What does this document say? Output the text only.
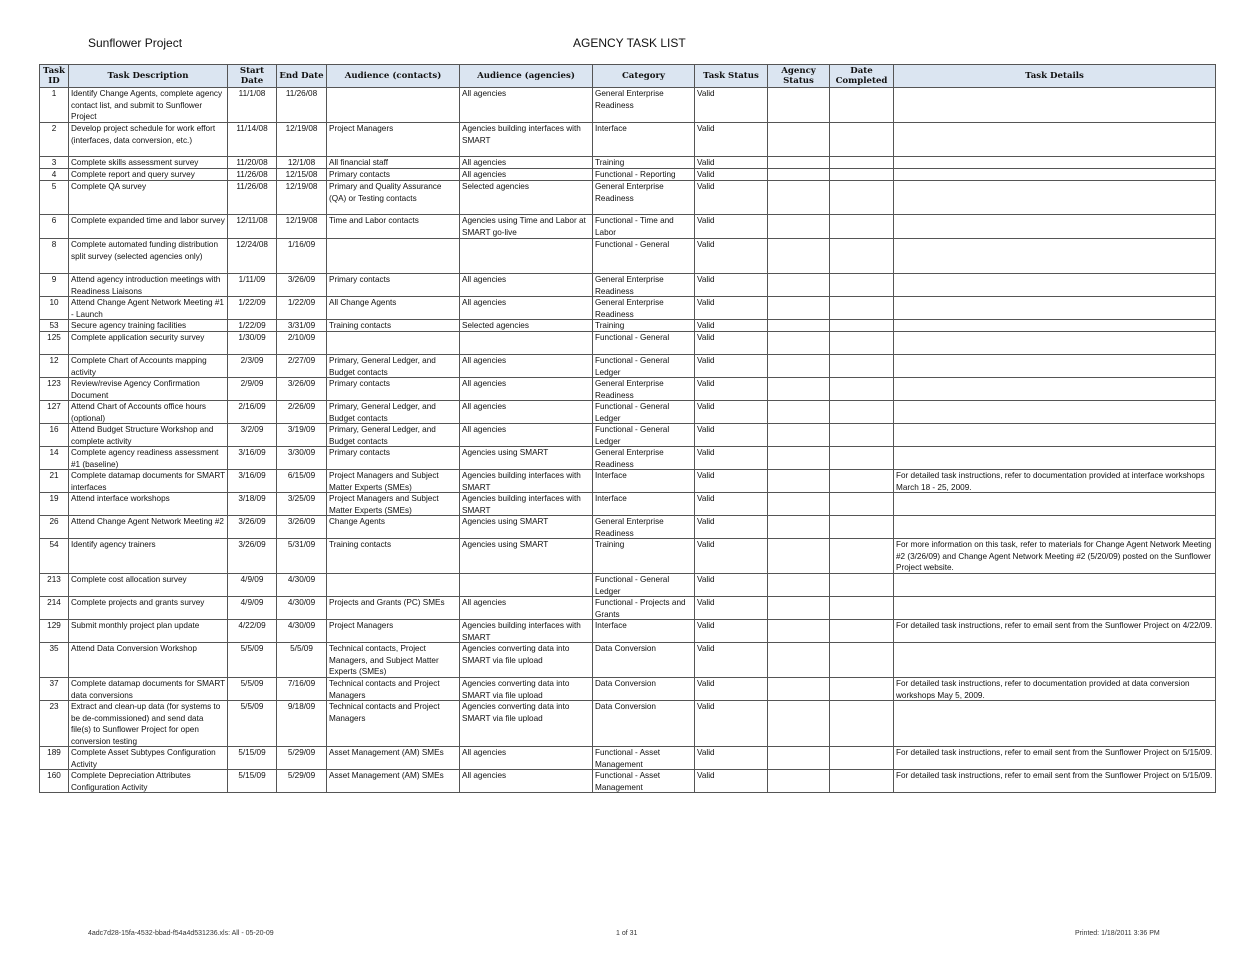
Sunflower Project	AGENCY TASK LIST
Task ID	Task Description	Start Date	End Date	Audience (contacts)	Audience (agencies)	Category	Task Status	Agency Status	Date Completed	Task Details

1	Identify Change Agents, complete agency contact list, and submit to Sunflower Project	11/1/08	11/26/08		All agencies	General Enterprise Readiness	Valid			

2	Develop project schedule for work effort (interfaces, data conversion, etc.)	11/14/08	12/19/08	Project Managers	Agencies building interfaces with SMART	Interface	Valid			

3	Complete skills assessment survey	11/20/08	12/1/08	All financial staff	All agencies	Training	Valid			

4	Complete report and query survey	11/26/08	12/15/08	Primary contacts	All agencies	Functional - Reporting	Valid			

5	Complete QA survey	11/26/08	12/19/08	Primary and Quality Assurance (QA) or Testing contacts	Selected agencies	General Enterprise Readiness	Valid			

6	Complete expanded time and labor survey	12/11/08	12/19/08	Time and Labor contacts	Agencies using Time and Labor at SMART go-live	Functional - Time and Labor	Valid			

8	Complete automated funding distribution split survey (selected agencies only)	12/24/08	1/16/09			Functional - General	Valid			

9	Attend agency introduction meetings with Readiness Liaisons	1/11/09	3/26/09	Primary contacts	All agencies	General Enterprise Readiness	Valid			

10	Attend Change Agent Network Meeting #1 - Launch	1/22/09	1/22/09	All Change Agents	All agencies	General Enterprise Readiness	Valid			

53	Secure agency training facilities	1/22/09	3/31/09	Training contacts	Selected agencies	Training	Valid			

125	Complete application security survey	1/30/09	2/10/09			Functional - General	Valid			

12	Complete Chart of Accounts mapping activity	2/3/09	2/27/09	Primary, General Ledger, and Budget contacts	All agencies	Functional - General Ledger	Valid			

123	Review/revise Agency Confirmation Document	2/9/09	3/26/09	Primary contacts	All agencies	General Enterprise Readiness	Valid			

127	Attend Chart of Accounts office hours (optional)	2/16/09	2/26/09	Primary, General Ledger, and Budget contacts	All agencies	Functional - General Ledger	Valid			

16	Attend Budget Structure Workshop and complete activity	3/2/09	3/19/09	Primary, General Ledger, and Budget contacts	All agencies	Functional - General Ledger	Valid			

14	Complete agency readiness assessment #1 (baseline)	3/16/09	3/30/09	Primary contacts	Agencies using SMART	General Enterprise Readiness	Valid			

21	Complete datamap documents for SMART interfaces	3/16/09	6/15/09	Project Managers and Subject Matter Experts (SMEs)	Agencies building interfaces with SMART	Interface	Valid			For detailed task instructions, refer to documentation provided at interface workshops March 18 - 25, 2009.

19	Attend interface workshops	3/18/09	3/25/09	Project Managers and Subject Matter Experts (SMEs)	Agencies building interfaces with SMART	Interface	Valid			

26	Attend Change Agent Network Meeting #2	3/26/09	3/26/09	Change Agents	Agencies using SMART	General Enterprise Readiness	Valid			

54	Identify agency trainers	3/26/09	5/31/09	Training contacts	Agencies using SMART	Training	Valid			For more information on this task, refer to materials for Change Agent Network Meeting #2 (3/26/09) and Change Agent Network Meeting #2 (5/20/09) posted on the Sunflower Project website.

213	Complete cost allocation survey	4/9/09	4/30/09			Functional - General Ledger	Valid			

214	Complete projects and grants survey	4/9/09	4/30/09	Projects and Grants (PC) SMEs	All agencies	Functional - Projects and Grants	Valid			

129	Submit monthly project plan update	4/22/09	4/30/09	Project Managers	Agencies building interfaces with SMART	Interface	Valid			For detailed task instructions, refer to email sent from the Sunflower Project on 4/22/09.

35	Attend Data Conversion Workshop	5/5/09	5/5/09	Technical contacts, Project Managers, and Subject Matter Experts (SMEs)	Agencies converting data into SMART via file upload	Data Conversion	Valid			

37	Complete datamap documents for SMART data conversions	5/5/09	7/16/09	Technical contacts and Project Managers	Agencies converting data into SMART via file upload	Data Conversion	Valid			For detailed task instructions, refer to documentation provided at data conversion workshops May 5, 2009.

23	Extract and clean-up data (for systems to be de-commissioned) and send data file(s) to Sunflower Project for open conversion testing	5/5/09	9/18/09	Technical contacts and Project Managers	Agencies converting data into SMART via file upload	Data Conversion	Valid			

189	Complete Asset Subtypes Configuration Activity	5/15/09	5/29/09	Asset Management (AM) SMEs	All agencies	Functional - Asset Management	Valid			For detailed task instructions, refer to email sent from the Sunflower Project on 5/15/09.

160	Complete Depreciation Attributes Configuration Activity	5/15/09	5/29/09	Asset Management (AM) SMEs	All agencies	Functional - Asset Management	Valid			For detailed task instructions, refer to email sent from the Sunflower Project on 5/15/09.
4adc7d28-15fa-4532-bbad-f54a4d531236.xls: All - 05-20-09	1 of 31	Printed: 1/18/2011 3:36 PM
